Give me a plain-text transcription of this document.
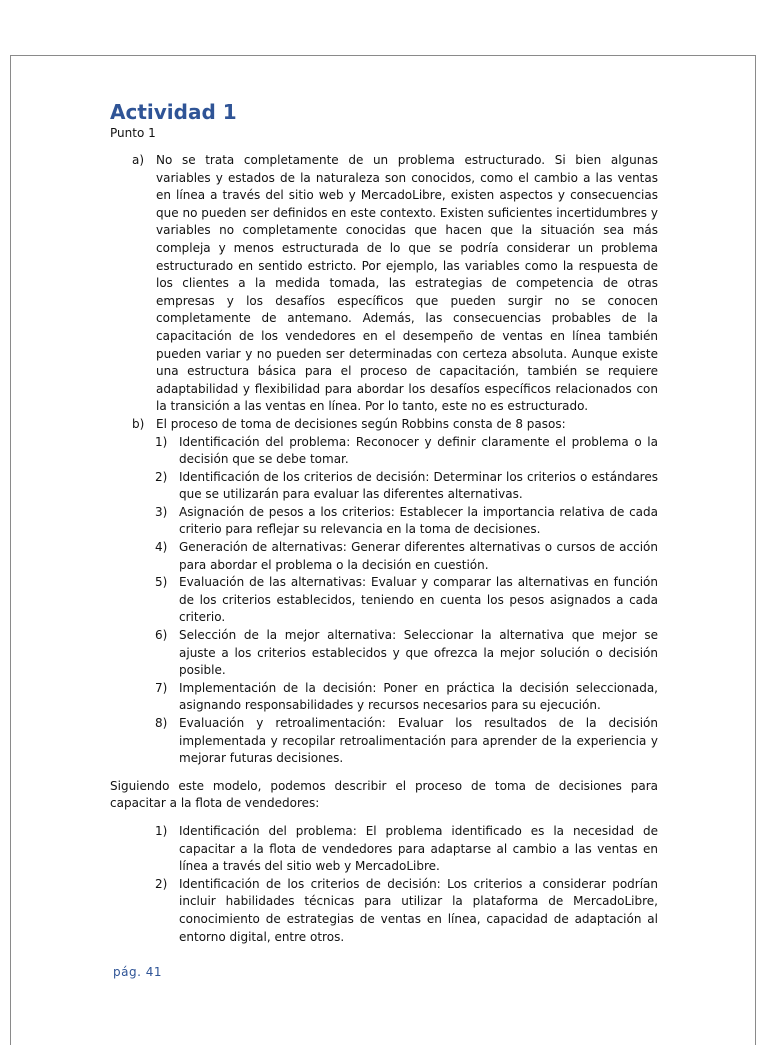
Actividad 1
Punto 1
a) No se trata completamente de un problema estructurado. Si bien algunas variables y estados de la naturaleza son conocidos, como el cambio a las ventas en línea a través del sitio web y MercadoLibre, existen aspectos y consecuencias que no pueden ser definidos en este contexto. Existen suficientes incertidumbres y variables no completamente conocidas que hacen que la situación sea más compleja y menos estructurada de lo que se podría considerar un problema estructurado en sentido estricto. Por ejemplo, las variables como la respuesta de los clientes a la medida tomada, las estrategias de competencia de otras empresas y los desafíos específicos que pueden surgir no se conocen completamente de antemano. Además, las consecuencias probables de la capacitación de los vendedores en el desempeño de ventas en línea también pueden variar y no pueden ser determinadas con certeza absoluta. Aunque existe una estructura básica para el proceso de capacitación, también se requiere adaptabilidad y flexibilidad para abordar los desafíos específicos relacionados con la transición a las ventas en línea. Por lo tanto, este no es estructurado.
b) El proceso de toma de decisiones según Robbins consta de 8 pasos:
1) Identificación del problema: Reconocer y definir claramente el problema o la decisión que se debe tomar.
2) Identificación de los criterios de decisión: Determinar los criterios o estándares que se utilizarán para evaluar las diferentes alternativas.
3) Asignación de pesos a los criterios: Establecer la importancia relativa de cada criterio para reflejar su relevancia en la toma de decisiones.
4) Generación de alternativas: Generar diferentes alternativas o cursos de acción para abordar el problema o la decisión en cuestión.
5) Evaluación de las alternativas: Evaluar y comparar las alternativas en función de los criterios establecidos, teniendo en cuenta los pesos asignados a cada criterio.
6) Selección de la mejor alternativa: Seleccionar la alternativa que mejor se ajuste a los criterios establecidos y que ofrezca la mejor solución o decisión posible.
7) Implementación de la decisión: Poner en práctica la decisión seleccionada, asignando responsabilidades y recursos necesarios para su ejecución.
8) Evaluación y retroalimentación: Evaluar los resultados de la decisión implementada y recopilar retroalimentación para aprender de la experiencia y mejorar futuras decisiones.

Siguiendo este modelo, podemos describir el proceso de toma de decisiones para capacitar a la flota de vendedores:

1) Identificación del problema: El problema identificado es la necesidad de capacitar a la flota de vendedores para adaptarse al cambio a las ventas en línea a través del sitio web y MercadoLibre.
2) Identificación de los criterios de decisión: Los criterios a considerar podrían incluir habilidades técnicas para utilizar la plataforma de MercadoLibre, conocimiento de estrategias de ventas en línea, capacidad de adaptación al entorno digital, entre otros.
pág. 41
